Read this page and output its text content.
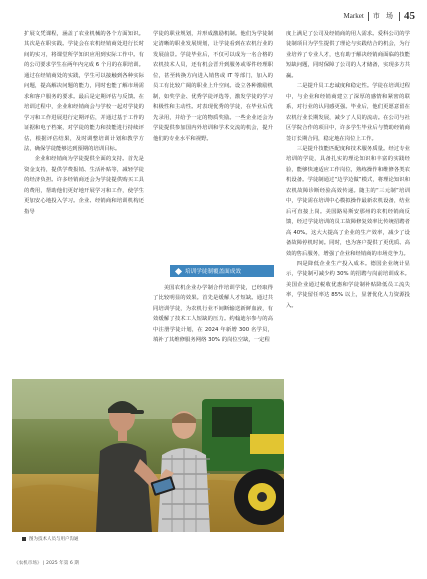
Market 市 场 45

扩展文凭课程，涵盖了农业机械的各个方面知识。其次是在职实践。学徒会在农机经销商处进行长时间的实习，将课堂所学知识应用到实际工作中。有的公司要求学生在两年内完成 6 个月的在职培训。通过在经销商处的实践，学生可以接触到各种实际问题，提高解决问题的能力，同时也能了解市场需求和客户服务的要求。最后是定期评估与反馈。在培训过程中，企业和经销商会与学校一起对学徒的学习和工作进展进行定期评估，并通过基于工作的证据和电子档案，对学徒的能力和技能进行持续评估，根据评估结果，及时调整培训计划和教学方法，确保学徒能够达到预期的培训目标。

企业和经销商为学徒提供全面的支持。首先是资金支持，提供学费报销、生活补贴等，减轻学徒的经济负担。许多经销商还会为学徒提供购买工具的费用，帮助他们更好地开展学习和工作，使学生更加安心地投入学习。企业、经销商和培训机构还指导

学徒的职业规划，并形成激励机制。他们为学徒制定清晰的职业发展规划，让学徒看到在农机行业的发展前景。学徒毕业后，不仅可以成为一名合格的农机技术人员，还有机会晋升到服务或零件经理职位，甚至转换方向进入销售或 IT 等部门，加入的员工有比较广阔的职业上升空间。设立各种激励机制，如奖学金、优秀学徒评选等，激发学徒的学习积极性和主动性。对表现优秀的学徒，在毕业后优先录用，并给予一定的物质奖励。一些企业还会为学徒提供参加国内外培训和学术交流的机会，提升他们的专业水平和视野。

培训学徒制覆盖面成效

美国农机企业办学制合作培训学徒，已经取得了比较明显的效果。首先是缓解人才短缺。通过共同培训学徒，为农机行业不间断输送新鲜血液，有效缓解了技术工人短缺的压力。约翰迪尔参与的高中注册学徒计划，在 2024 年新增 300 名学员，填补了其维修服务网络 30% 的岗位空缺，一定程

度上满足了公司及经销商的用人需求。爱科公司的学徒制项目为学生提供了理论与实践结合的机会，为行业培养了专业人才，也有助于解决经销商面临的技能短缺问题，同时保障了公司的人才储备，实现多方共赢。

二是提升员工忠诚度和稳定性。学徒在培训过程中，与企业和经销商建立了深厚的感情和紧密的联系，对行业的认同感更强。毕业后，他们更愿意留在农机行业长期发展，减少了人员的流动。在公司与社区学院合作的项目中，许多学生毕业后与赞助经销商签订长期合同，稳定地在岗位上工作。

三是提升技能匹配度和技术服务质量。经过专业培训的学徒，具备扎实的理论知识和丰富的实践经验，能够快速适应工作岗位，熟练操作和维修各类农机设备。学徒制通过“边学边做”模式，将理论知识和农机故障诊断经验高效传递。随主的“三元制”培训中，学徒需在培训中心模拟操作最新农机设备，结业后可直接上岗。美国路易斯安那州的农机经销商反馈，经过学徒培训的员工故障修复效率比传统招聘者高 40%。这大大提高了企业的生产效率，减少了设备故障停机时间。同时，也为客户提供了更优质、高效的售后服务，增强了企业和经销商的市场竞争力。

四是降低企业生产投入成本。德国企业统计显示，学徒制可减少约 30% 的招聘与岗前培训成本。美国企业通过税收优惠和学徒制补贴降低员工流失率，学徒留任率达 85% 以上，显著优化人力资源投入。

图为技术人员与用户沟通
《农机市场》 | 2025 年第 6 期
